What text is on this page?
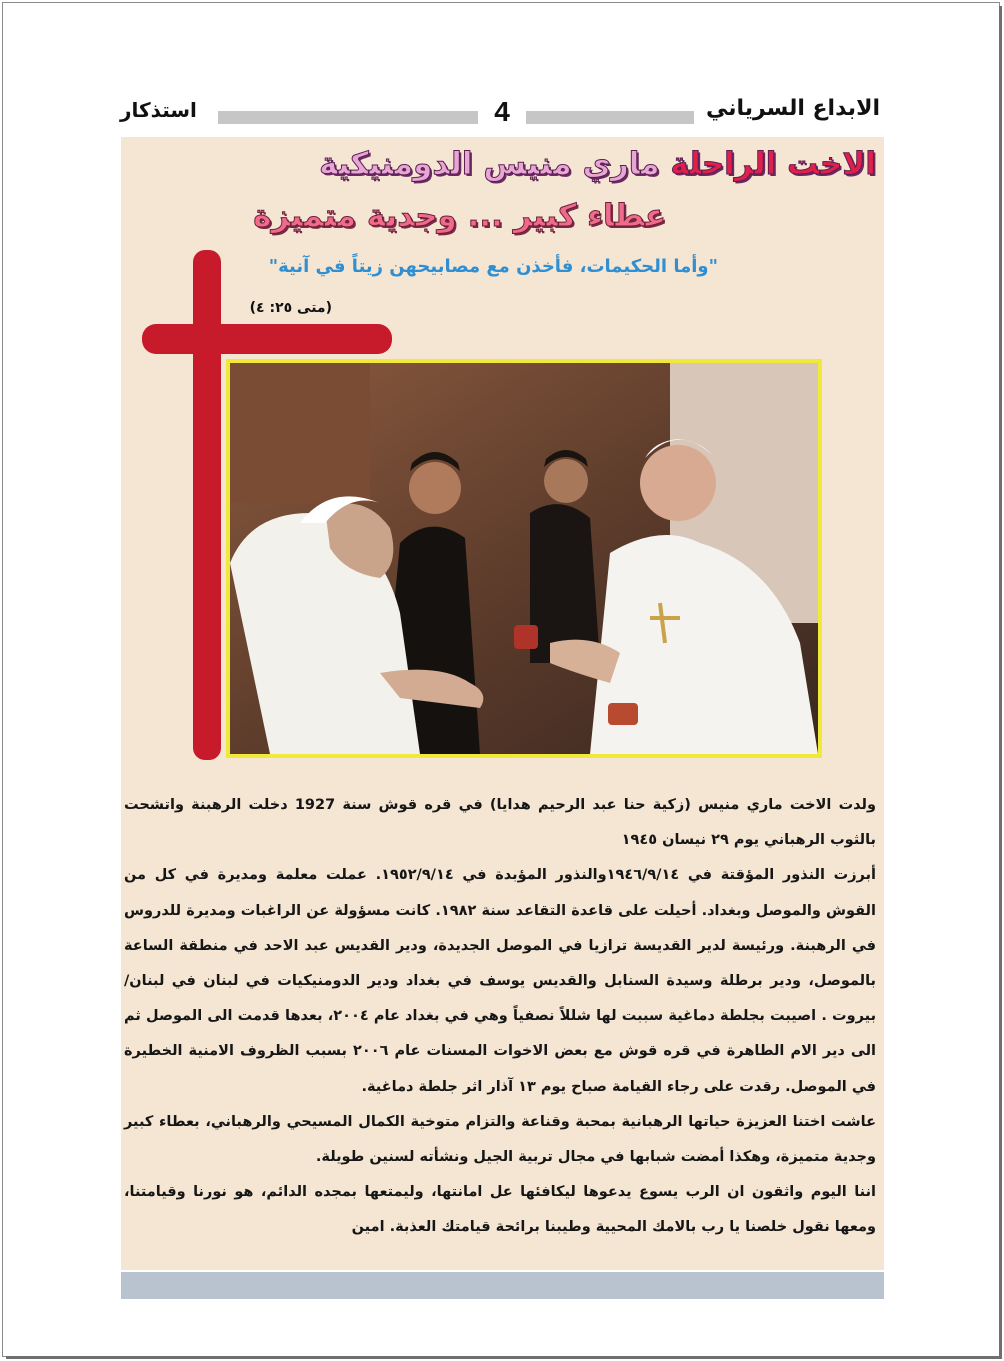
استذكار	4	الابداع السرياني
الاخت الراحلة ماري منيس الدومنيكية
عطاء كبير ... وجدية متميزة
"وأما الحكيمات، فأخذن مع مصابيحهن زيتاً في آنية"
(متى ٢٥: ٤)

ولدت الاخت ماري منيس (زكية حنا عبد الرحيم هدايا) في قره قوش سنة 1927 دخلت الرهبنة واتشحت بالثوب الرهباني يوم ٢٩ نيسان ١٩٤٥

أبرزت النذور المؤقتة في ١٩٤٦/٩/١٤والنذور المؤبدة في ١٩٥٢/٩/١٤. عملت معلمة ومديرة في كل من القوش والموصل وبغداد. أحيلت على قاعدة التقاعد سنة ١٩٨٢. كانت مسؤولة عن الراغبات ومديرة للدروس في الرهبنة. ورئيسة لدير القديسة ترازيا في الموصل الجديدة، ودير القديس عبد الاحد في منطقة الساعة بالموصل، ودير برطلة وسيدة السنابل والقديس يوسف في بغداد ودير الدومنيكيات في لبنان في لبنان/بيروت . اصيبت بجلطة دماغية سببت لها شللاً نصفياً وهي في بغداد عام ٢٠٠٤، بعدها قدمت الى الموصل ثم الى دير الام الطاهرة في قره قوش مع بعض الاخوات المسنات عام ٢٠٠٦ بسبب الظروف الامنية الخطيرة في الموصل. رقدت على رجاء القيامة صباح يوم ١٣ آذار اثر جلطة دماغية.

عاشت اختنا العزيزة حياتها الرهبانية بمحبة وقناعة والتزام متوخية الكمال المسيحي والرهباني، بعطاء كبير وجدية متميزة، وهكذا أمضت شبابها في مجال تربية الجيل ونشأته لسنين طويلة.

اننا اليوم واثقون ان الرب يسوع يدعوها ليكافئها عل امانتها، وليمتعها بمجده الدائم، هو نورنا وقيامتنا، ومعها نقول خلصنا يا رب بالامك المحيية وطيبنا برائحة قيامتك العذبة. امين
